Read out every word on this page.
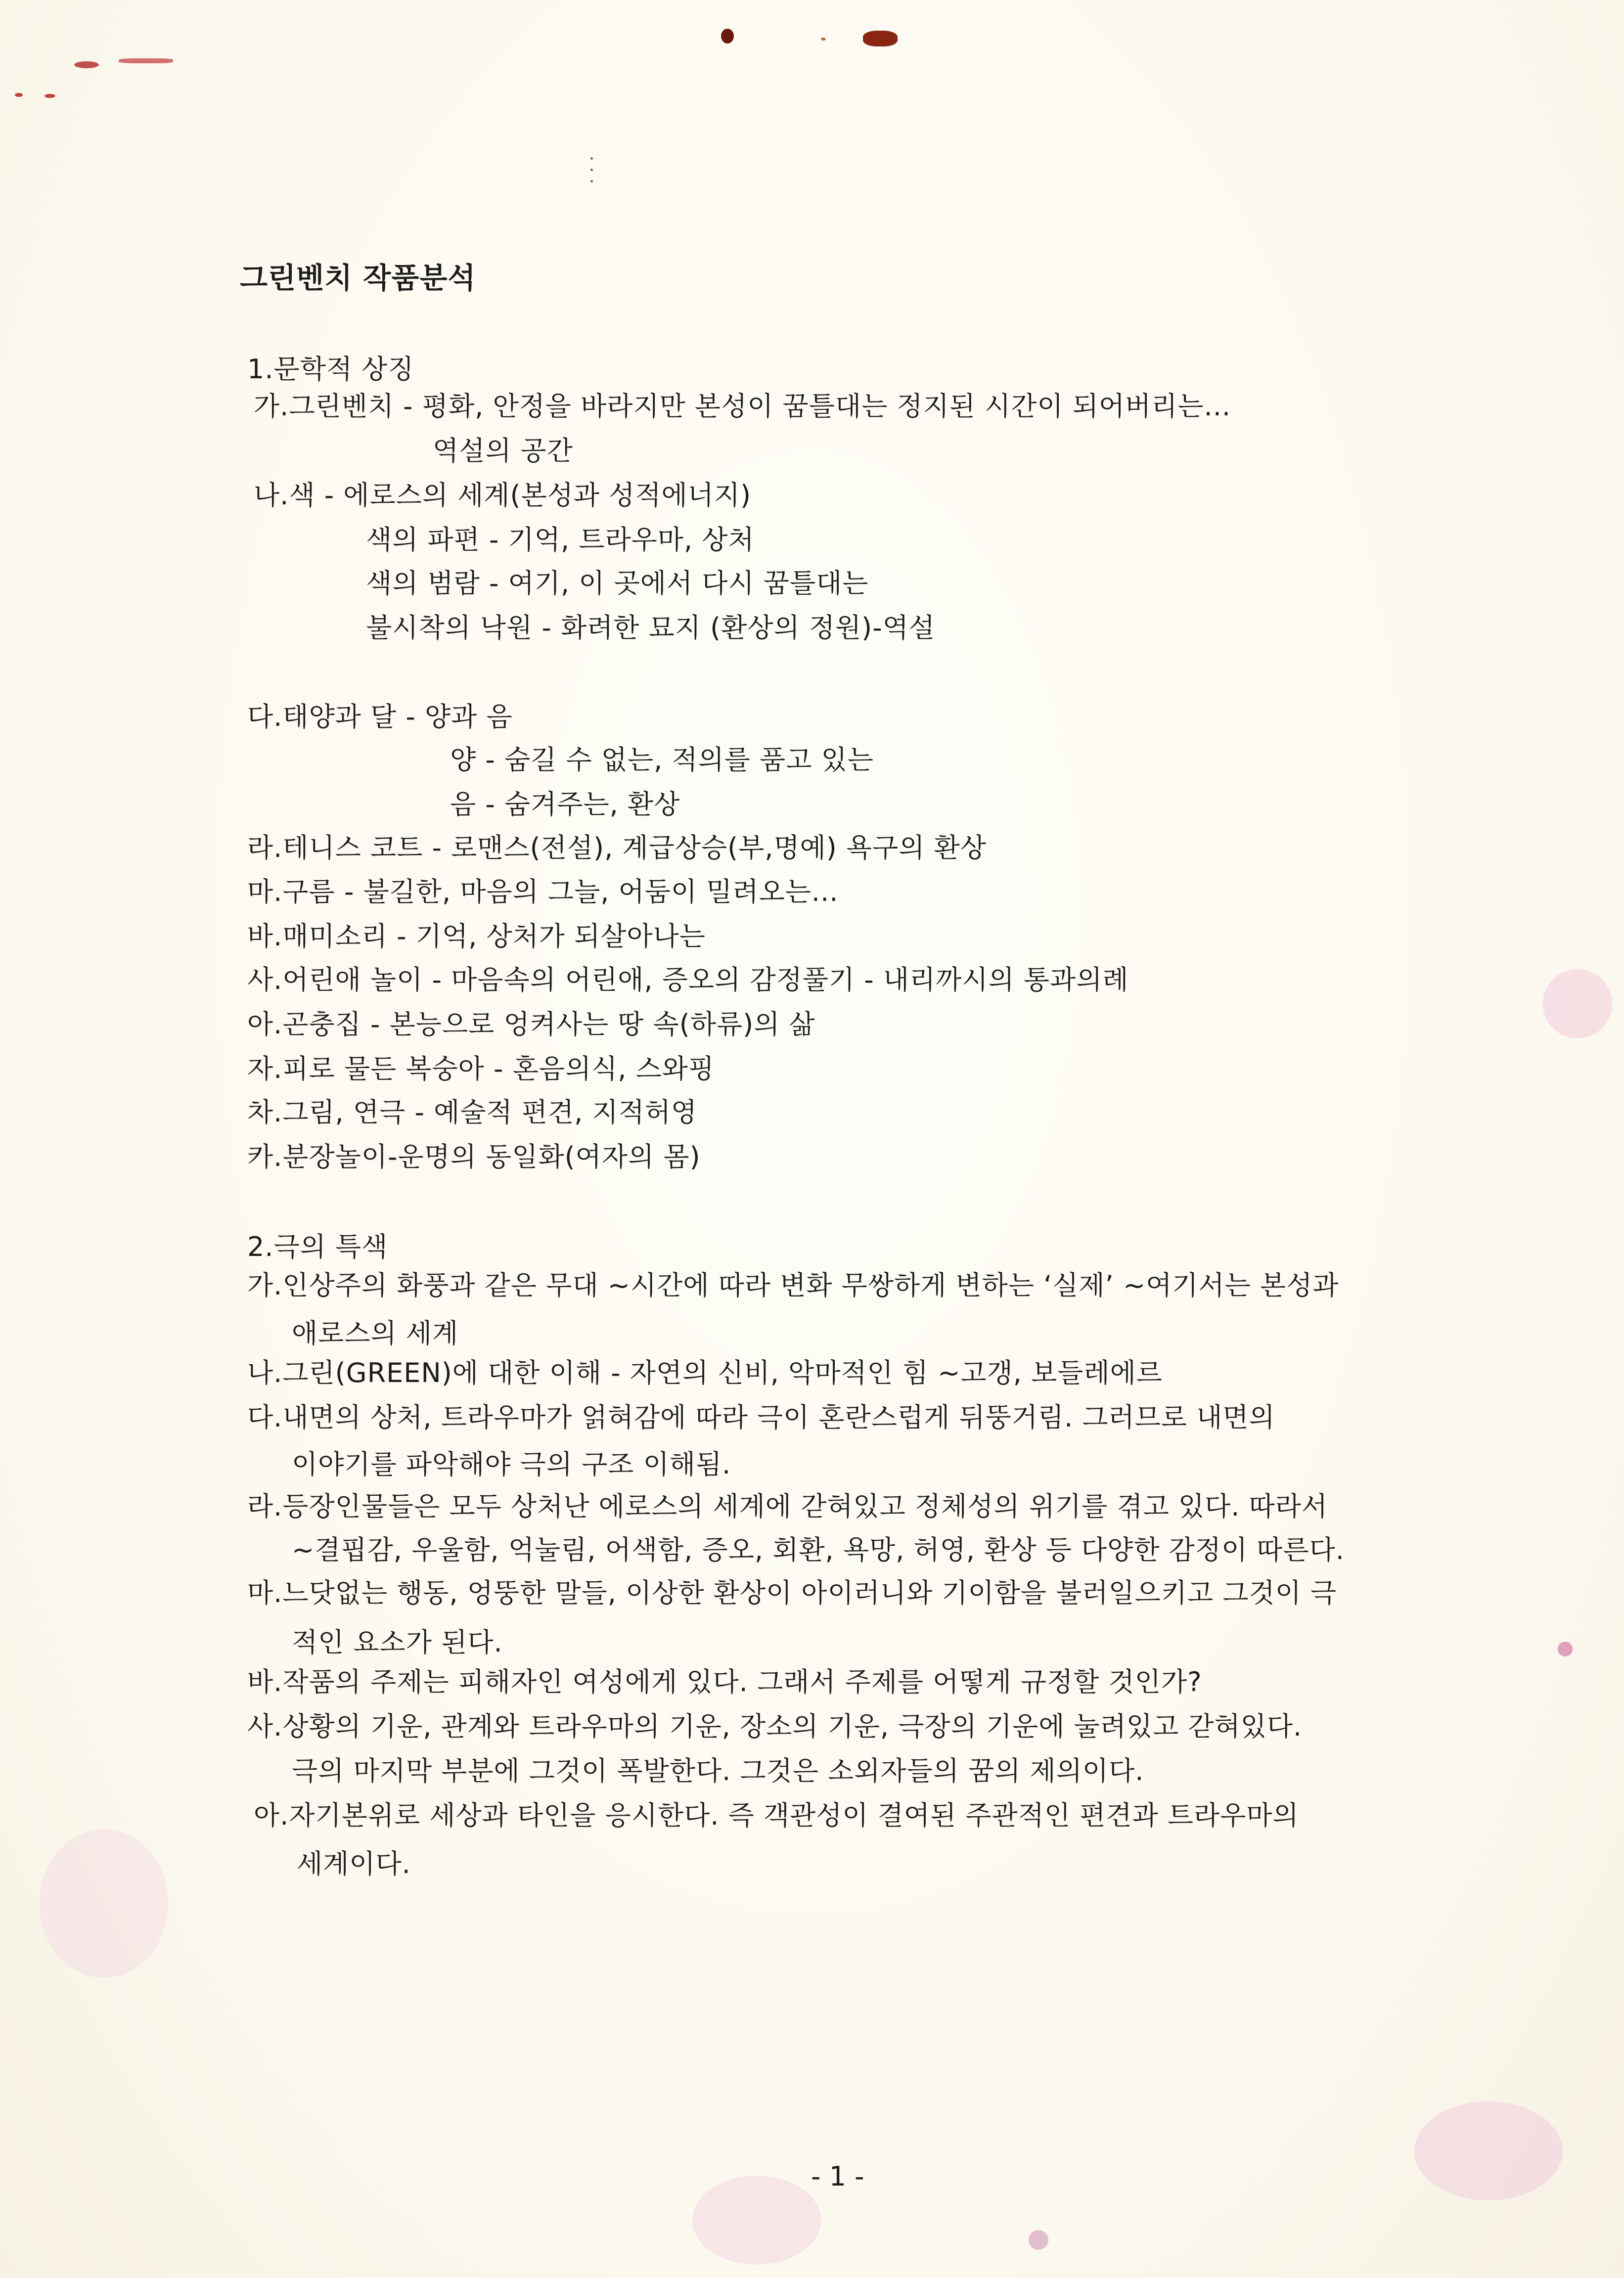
그린벤치 작품분석
1.문학적 상징
가.그린벤치 - 평화, 안정을 바라지만 본성이 꿈틀대는 정지된 시간이 되어버리는...
역설의 공간
나.색 - 에로스의 세계(본성과 성적에너지)
색의 파편 - 기억, 트라우마, 상처
색의 범람 - 여기, 이 곳에서 다시 꿈틀대는
불시착의 낙원 - 화려한 묘지 (환상의 정원)-역설
다.태양과 달 - 양과 음
양 - 숨길 수 없는, 적의를 품고 있는
음 - 숨겨주는, 환상
라.테니스 코트 - 로맨스(전설), 계급상승(부,명예) 욕구의 환상
마.구름 - 불길한, 마음의 그늘, 어둠이 밀려오는...
바.매미소리 - 기억, 상처가 되살아나는
사.어린애 놀이 - 마음속의 어린애, 증오의 감정풀기 - 내리까시의 통과의례
아.곤충집 - 본능으로 엉켜사는 땅 속(하류)의 삶
자.피로 물든 복숭아 - 혼음의식, 스와핑
차.그림, 연극 - 예술적 편견, 지적허영
카.분장놀이-운명의 동일화(여자의 몸)
2.극의 특색
가.인상주의 화풍과 같은 무대 ~시간에 따라 변화 무쌍하게 변하는 ‘실제’ ~여기서는 본성과
애로스의 세계
나.그린(GREEN)에 대한 이해 - 자연의 신비, 악마적인 힘 ~고갱, 보들레에르
다.내면의 상처, 트라우마가 얽혀감에 따라 극이 혼란스럽게 뒤뚱거림. 그러므로 내면의
이야기를 파악해야 극의 구조 이해됨.
라.등장인물들은 모두 상처난 에로스의 세계에 갇혀있고 정체성의 위기를 겪고 있다. 따라서
~결핍감, 우울함, 억눌림, 어색함, 증오, 회환, 욕망, 허영, 환상 등 다양한 감정이 따른다.
마.느닷없는 행동, 엉뚱한 말들, 이상한 환상이 아이러니와 기이함을 불러일으키고 그것이 극
적인 요소가 된다.
바.작품의 주제는 피해자인 여성에게 있다. 그래서 주제를 어떻게 규정할 것인가?
사.상황의 기운, 관계와 트라우마의 기운, 장소의 기운, 극장의 기운에 눌려있고 갇혀있다.
극의 마지막 부분에 그것이 폭발한다. 그것은 소외자들의 꿈의 제의이다.
아.자기본위로 세상과 타인을 응시한다. 즉 객관성이 결여된 주관적인 편견과 트라우마의
세계이다.
- 1 -
